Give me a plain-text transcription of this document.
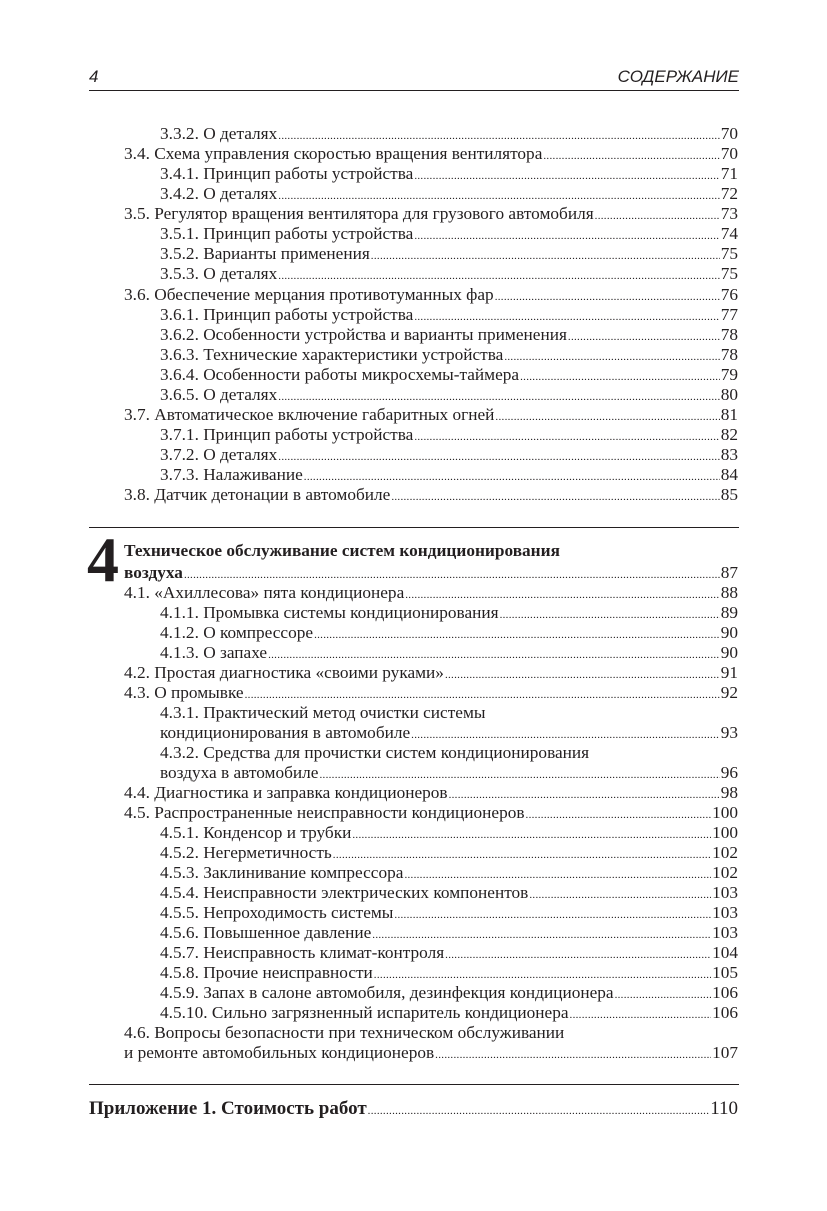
4	СОДЕРЖАНИЕ
3.3.2. О деталях .....	70
3.4. Схема управления скоростью вращения вентилятора .....	70
3.4.1. Принцип работы устройства .....	71
3.4.2. О деталях .....	72
3.5. Регулятор вращения вентилятора для грузового автомобиля .....	73
3.5.1. Принцип работы устройства .....	74
3.5.2. Варианты применения .....	75
3.5.3. О деталях .....	75
3.6. Обеспечение мерцания противотуманных фар .....	76
3.6.1. Принцип работы устройства .....	77
3.6.2. Особенности устройства и варианты применения .....	78
3.6.3. Технические характеристики устройства .....	78
3.6.4. Особенности работы микросхемы-таймера .....	79
3.6.5. О деталях .....	80
3.7. Автоматическое включение габаритных огней .....	81
3.7.1. Принцип работы устройства .....	82
3.7.2. О деталях .....	83
3.7.3. Налаживание .....	84
3.8. Датчик детонации в автомобиле .....	85
4 Техническое обслуживание систем кондиционирования
воздуха .....	87
4.1. «Ахиллесова» пята кондиционера .....	88
4.1.1. Промывка системы кондиционирования .....	89
4.1.2. О компрессоре .....	90
4.1.3. О запахе .....	90
4.2. Простая диагностика «своими руками» .....	91
4.3. О промывке .....	92
4.3.1. Практический метод очистки системы
кондиционирования в автомобиле .....	93
4.3.2. Средства для прочистки систем кондиционирования
воздуха в автомобиле .....	96
4.4. Диагностика и заправка кондиционеров .....	98
4.5. Распространенные неисправности кондиционеров .....	100
4.5.1. Конденсор и трубки .....	100
4.5.2. Негерметичность .....	102
4.5.3. Заклинивание компрессора .....	102
4.5.4. Неисправности электрических компонентов .....	103
4.5.5. Непроходимость системы .....	103
4.5.6. Повышенное давление .....	103
4.5.7. Неисправность климат-контроля .....	104
4.5.8. Прочие неисправности .....	105
4.5.9. Запах в салоне автомобиля, дезинфекция кондиционера .....	106
4.5.10. Сильно загрязненный испаритель кондиционера .....	106
4.6. Вопросы безопасности при техническом обслуживании
и ремонте автомобильных кондиционеров .....	107
Приложение 1. Стоимость работ .....	110
